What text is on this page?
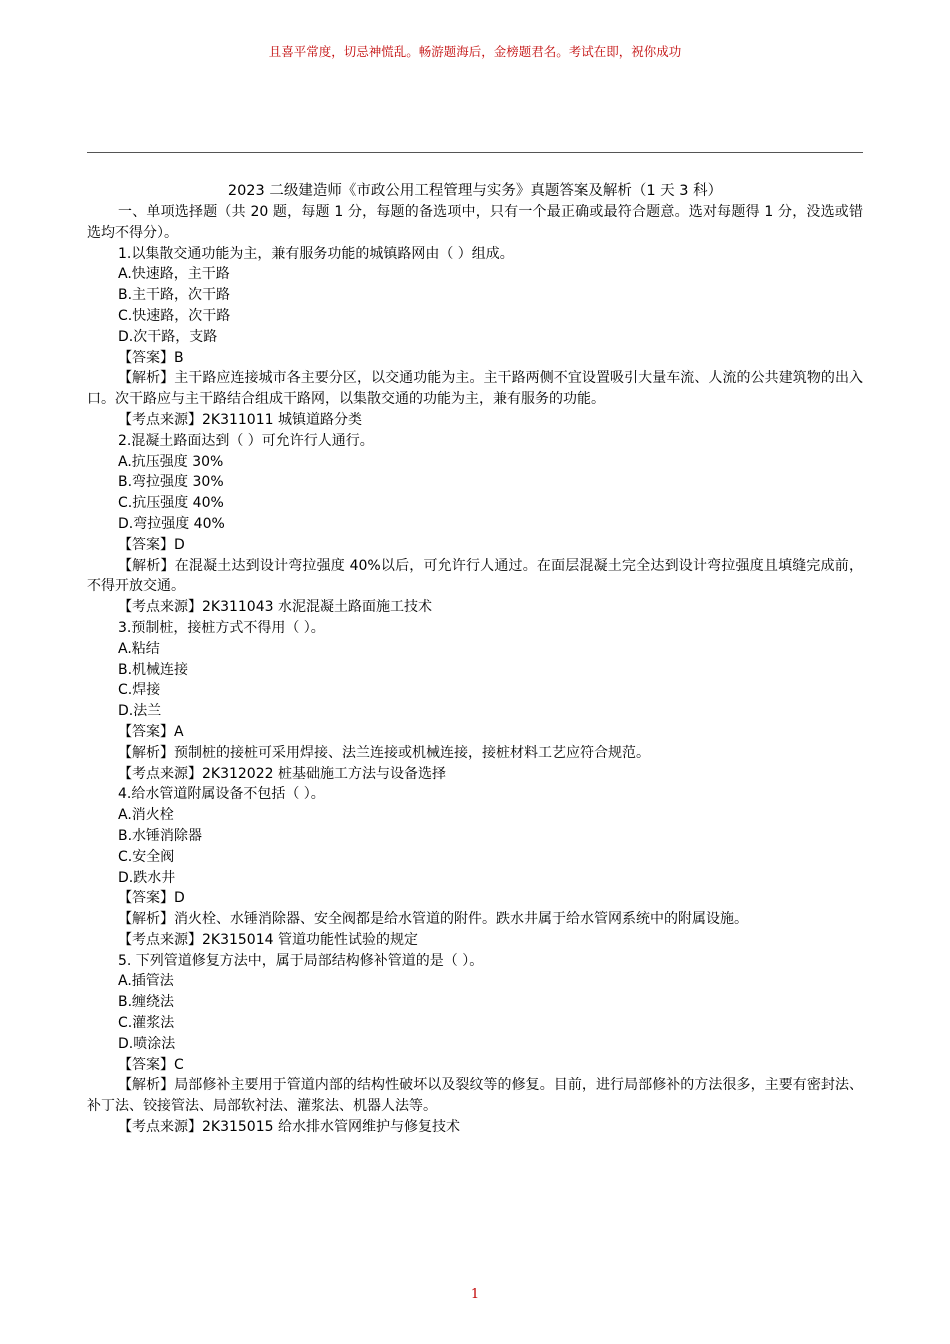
且喜平常度，切忌神慌乱。畅游题海后，金榜题君名。考试在即，祝你成功
2023 二级建造师《市政公用工程管理与实务》真题答案及解析（1 天 3 科）
一、单项选择题（共 20 题，每题 1 分，每题的备选项中，只有一个最正确或最符合题意。选对每题得 1 分，没选或错选均不得分）。
1.以集散交通功能为主，兼有服务功能的城镇路网由（ ）组成。
A.快速路，主干路
B.主干路，次干路
C.快速路，次干路
D.次干路，支路
【答案】B
【解析】主干路应连接城市各主要分区，以交通功能为主。主干路两侧不宜设置吸引大量车流、人流的公共建筑物的出入口。次干路应与主干路结合组成干路网，以集散交通的功能为主，兼有服务的功能。
【考点来源】2K311011 城镇道路分类
2.混凝土路面达到（ ）可允许行人通行。
A.抗压强度 30%
B.弯拉强度 30%
C.抗压强度 40%
D.弯拉强度 40%
【答案】D
【解析】在混凝土达到设计弯拉强度 40%以后，可允许行人通过。在面层混凝土完全达到设计弯拉强度且填缝完成前，不得开放交通。
【考点来源】2K311043 水泥混凝土路面施工技术
3.预制桩，接桩方式不得用（ ）。
A.粘结
B.机械连接
C.焊接
D.法兰
【答案】A
【解析】预制桩的接桩可采用焊接、法兰连接或机械连接，接桩材料工艺应符合规范。
【考点来源】2K312022 桩基础施工方法与设备选择
4.给水管道附属设备不包括（ ）。
A.消火栓
B.水锤消除器
C.安全阀
D.跌水井
【答案】D
【解析】消火栓、水锤消除器、安全阀都是给水管道的附件。跌水井属于给水管网系统中的附属设施。
【考点来源】2K315014 管道功能性试验的规定
5. 下列管道修复方法中，属于局部结构修补管道的是（ ）。
A.插管法
B.缠绕法
C.灌浆法
D.喷涂法
【答案】C
【解析】局部修补主要用于管道内部的结构性破坏以及裂纹等的修复。目前，进行局部修补的方法很多，主要有密封法、补丁法、铰接管法、局部软衬法、灌浆法、机器人法等。
【考点来源】2K315015 给水排水管网维护与修复技术
1
